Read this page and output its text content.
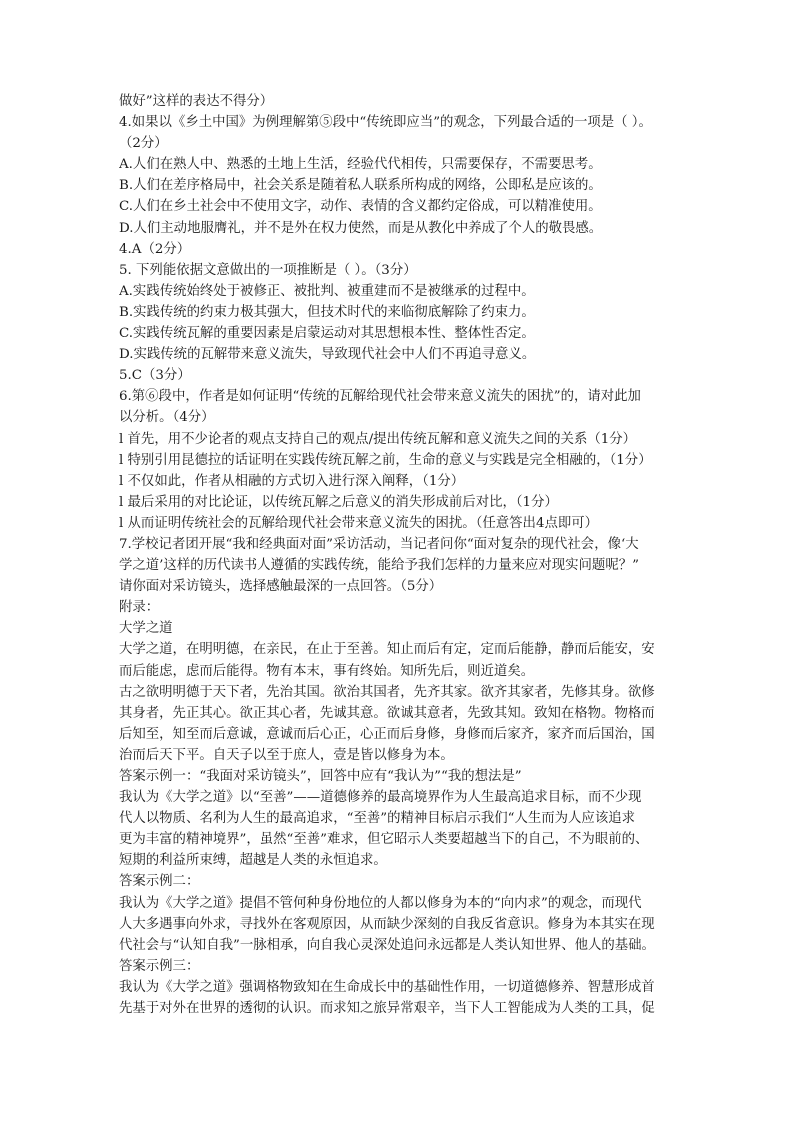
做好”这样的表达不得分）
4.如果以《乡土中国》为例理解第⑤段中“传统即应当”的观念，下列最合适的一项是（ ）。
（2分）
A.人们在熟人中、熟悉的土地上生活，经验代代相传，只需要保存，不需要思考。
B.人们在差序格局中，社会关系是随着私人联系所构成的网络，公即私是应该的。
C.人们在乡土社会中不使用文字，动作、表情的含义都约定俗成，可以精准使用。
D.人们主动地服膺礼，并不是外在权力使然，而是从教化中养成了个人的敬畏感。
4.A（2分）
5. 下列能依据文意做出的一项推断是（ ）。（3分）
A.实践传统始终处于被修正、被批判、被重建而不是被继承的过程中。
B.实践传统的约束力极其强大，但技术时代的来临彻底解除了约束力。
C.实践传统瓦解的重要因素是启蒙运动对其思想根本性、整体性否定。
D.实践传统的瓦解带来意义流失，导致现代社会中人们不再追寻意义。
5.C（3分）
6.第⑥段中，作者是如何证明“传统的瓦解给现代社会带来意义流失的困扰”的，请对此加
以分析。（4分）
l 首先，用不少论者的观点支持自己的观点/提出传统瓦解和意义流失之间的关系（1分）
l 特别引用昆德拉的话证明在实践传统瓦解之前，生命的意义与实践是完全相融的，（1分）
l 不仅如此，作者从相融的方式切入进行深入阐释，（1分）
l 最后采用的对比论证，以传统瓦解之后意义的消失形成前后对比，（1分）
l 从而证明传统社会的瓦解给现代社会带来意义流失的困扰。（任意答出4点即可）
7.学校记者团开展“我和经典面对面”采访活动，当记者问你“面对复杂的现代社会，像‘大
学之道’这样的历代读书人遵循的实践传统，能给予我们怎样的力量来应对现实问题呢？”
请你面对采访镜头，选择感触最深的一点回答。（5分）
附录：
大学之道
大学之道，在明明德，在亲民，在止于至善。知止而后有定，定而后能静，静而后能安，安
而后能虑，虑而后能得。物有本末，事有终始。知所先后，则近道矣。
古之欲明明德于天下者，先治其国。欲治其国者，先齐其家。欲齐其家者，先修其身。欲修
其身者，先正其心。欲正其心者，先诚其意。欲诚其意者，先致其知。致知在格物。物格而
后知至，知至而后意诚，意诚而后心正，心正而后身修，身修而后家齐，家齐而后国治，国
治而后天下平。自天子以至于庶人，壹是皆以修身为本。
答案示例一：“我面对采访镜头”，回答中应有“我认为”“我的想法是”
我认为《大学之道》以“至善”——道德修养的最高境界作为人生最高追求目标，而不少现
代人以物质、名利为人生的最高追求，“至善”的精神目标启示我们“人生而为人应该追求
更为丰富的精神境界”，虽然“至善”难求，但它昭示人类要超越当下的自己，不为眼前的、
短期的利益所束缚，超越是人类的永恒追求。
答案示例二：
我认为《大学之道》提倡不管何种身份地位的人都以修身为本的“向内求”的观念，而现代
人大多遇事向外求，寻找外在客观原因，从而缺少深刻的自我反省意识。修身为本其实在现
代社会与“认知自我”一脉相承，向自我心灵深处追问永远都是人类认知世界、他人的基础。
答案示例三：
我认为《大学之道》强调格物致知在生命成长中的基础性作用，一切道德修养、智慧形成首
先基于对外在世界的透彻的认识。而求知之旅异常艰辛，当下人工智能成为人类的工具，促
